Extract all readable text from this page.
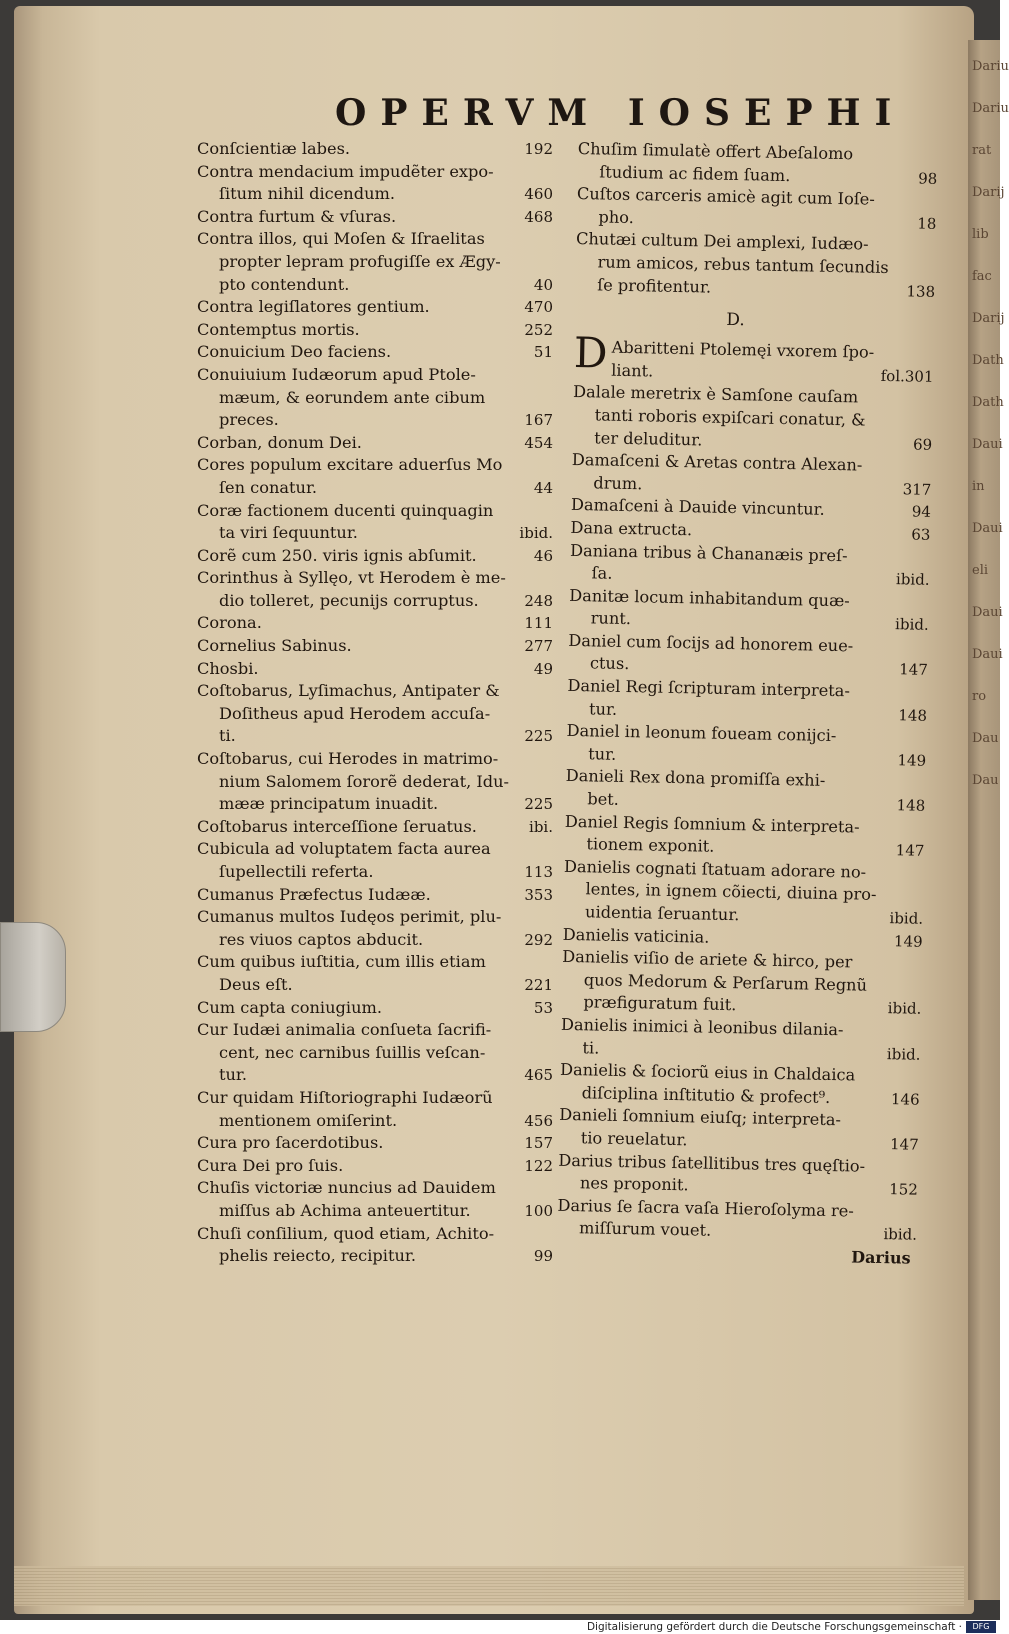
Dariu
Dariu
rat
Darij
lib
fac
Darij
Dath
Dath
Daui
in
Daui
eli
Daui
Daui
ro
Dau
Dau
OPERVM IOSEPHI
Conſcientiæ labes.	192
Contra mendacium impudẽter expo-
ſitum nihil dicendum.	460
Contra furtum & vſuras.	468
Contra illos, qui Moſen & Iſraelitas
propter lepram profugiſſe ex Ægy-
pto contendunt.	40
Contra legiſlatores gentium.	470
Contemptus mortis.	252
Conuicium Deo faciens.	51
Conuiuium Iudæorum apud Ptole-
mæum, & eorundem ante cibum
preces.	167
Corban, donum Dei.	454
Cores populum excitare aduerſus Mo
ſen conatur.	44
Coræ factionem ducenti quinquagin
ta viri ſequuntur.	ibid.
Corẽ cum 250. viris ignis abſumit.	46
Corinthus à Syllęo, vt Herodem è me-
dio tolleret, pecunijs corruptus.	248
Corona.	111
Cornelius Sabinus.	277
Chosbi.	49
Coſtobarus, Lyſimachus, Antipater &
Doſitheus apud Herodem accuſa-
ti.	225
Coſtobarus, cui Herodes in matrimo-
nium Salomem ſororẽ dederat, Idu-
mææ principatum inuadit.	225
Coſtobarus interceſſione ſeruatus.	ibi.
Cubicula ad voluptatem facta aurea
ſupellectili referta.	113
Cumanus Præfectus Iudææ.	353
Cumanus multos Iudęos perimit, plu-
res viuos captos abducit.	292
Cum quibus iuſtitia, cum illis etiam
Deus eſt.	221
Cum capta coniugium.	53
Cur Iudæi animalia conſueta ſacrifi-
cent, nec carnibus ſuillis veſcan-
tur.	465
Cur quidam Hiſtoriographi Iudæorũ
mentionem omiſerint.	456
Cura pro ſacerdotibus.	157
Cura Dei pro ſuis.	122
Chuſis victoriæ nuncius ad Dauidem
miſſus ab Achima anteuertitur.	100
Chuſi conſilium, quod etiam, Achito-
phelis reiecto, recipitur.	99
Chuſim ſimulatè offert Abeſalomo
ſtudium ac fidem ſuam.	98
Cuſtos carceris amicè agit cum Ioſe-
pho.	18
Chutæi cultum Dei amplexi, Iudæo-
rum amicos, rebus tantum ſecundis
ſe profitentur.	138
D.
D Abaritteni Ptolemęi vxorem ſpo-
liant.	fol.301
Dalale meretrix è Samſone cauſam
tanti roboris expiſcari conatur, &
ter deluditur.	69
Damaſceni & Aretas contra Alexan-
drum.	317
Damaſceni à Dauide vincuntur.	94
Dana extructa.	63
Daniana tribus à Chananæis preſ-
ſa.	ibid.
Danitæ locum inhabitandum quæ-
runt.	ibid.
Daniel cum ſocijs ad honorem eue-
ctus.	147
Daniel Regi ſcripturam interpreta-
tur.	148
Daniel in leonum foueam conijci-
tur.	149
Danieli Rex dona promiſſa exhi-
bet.	148
Daniel Regis ſomnium & interpreta-
tionem exponit.	147
Danielis cognati ſtatuam adorare no-
lentes, in ignem cõiecti, diuina pro-
uidentia ſeruantur.	ibid.
Danielis vaticinia.	149
Danielis viſio de ariete & hirco, per
quos Medorum & Perſarum Regnũ
præfiguratum fuit.	ibid.
Danielis inimici à leonibus dilania-
ti.	ibid.
Danielis & ſociorũ eius in Chaldaica
diſciplina inſtitutio & profect⁹.	146
Danieli ſomnium eiuſq; interpreta-
tio reuelatur.	147
Darius tribus ſatellitibus tres quęſtio-
nes proponit.	152
Darius ſe ſacra vaſa Hieroſolyma re-
miſſurum vouet.	ibid.
Darius
Digitalisierung gefördert durch die Deutsche Forschungsgemeinschaft ·	DFG
